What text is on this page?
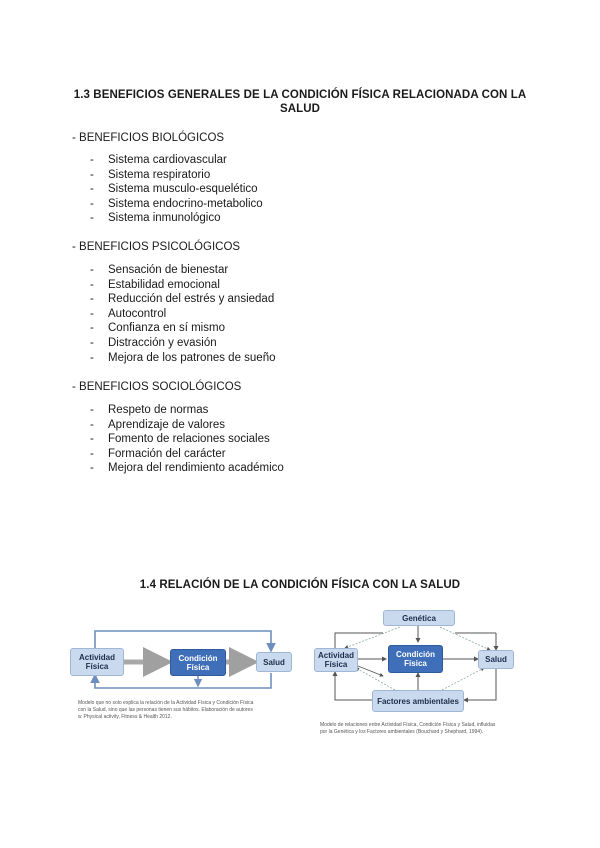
1.3 BENEFICIOS GENERALES DE LA CONDICIÓN FÍSICA RELACIONADA CON LA
SALUD
- BENEFICIOS BIOLÓGICOS
-	Sistema cardiovascular
-	Sistema respiratorio
-	Sistema musculo-esquelético
-	Sistema endocrino-metabolico
-	Sistema inmunológico
- BENEFICIOS PSICOLÓGICOS
-	Sensación de bienestar
-	Estabilidad emocional
-	Reducción del estrés y ansiedad
-	Autocontrol
-	Confianza en sí mismo
-	Distracción y evasión
-	Mejora de los patrones de sueño
- BENEFICIOS SOCIOLÓGICOS
-	Respeto de normas
-	Aprendizaje de valores
-	Fomento de relaciones sociales
-	Formación del carácter
-	Mejora del rendimiento académico
1.4 RELACIÓN DE LA CONDICIÓN FÍSICA CON LA SALUD
Actividad Física
Condición Física
Salud
Modelo que no solo explica la relación de la Actividad Física y Condición Física
con la Salud, sino que las personas tienen sus hábitos. Elaboración de autores
a: Physical activity, Fitness & Health 2012.
Genética
Actividad Física
Condición Física	Salud
Factores ambientales
Modelo de relaciones entre Actividad Física, Condición Física y Salud, influidas
por la Genética y los Factores ambientales (Bouchard y Shephard, 1994).
